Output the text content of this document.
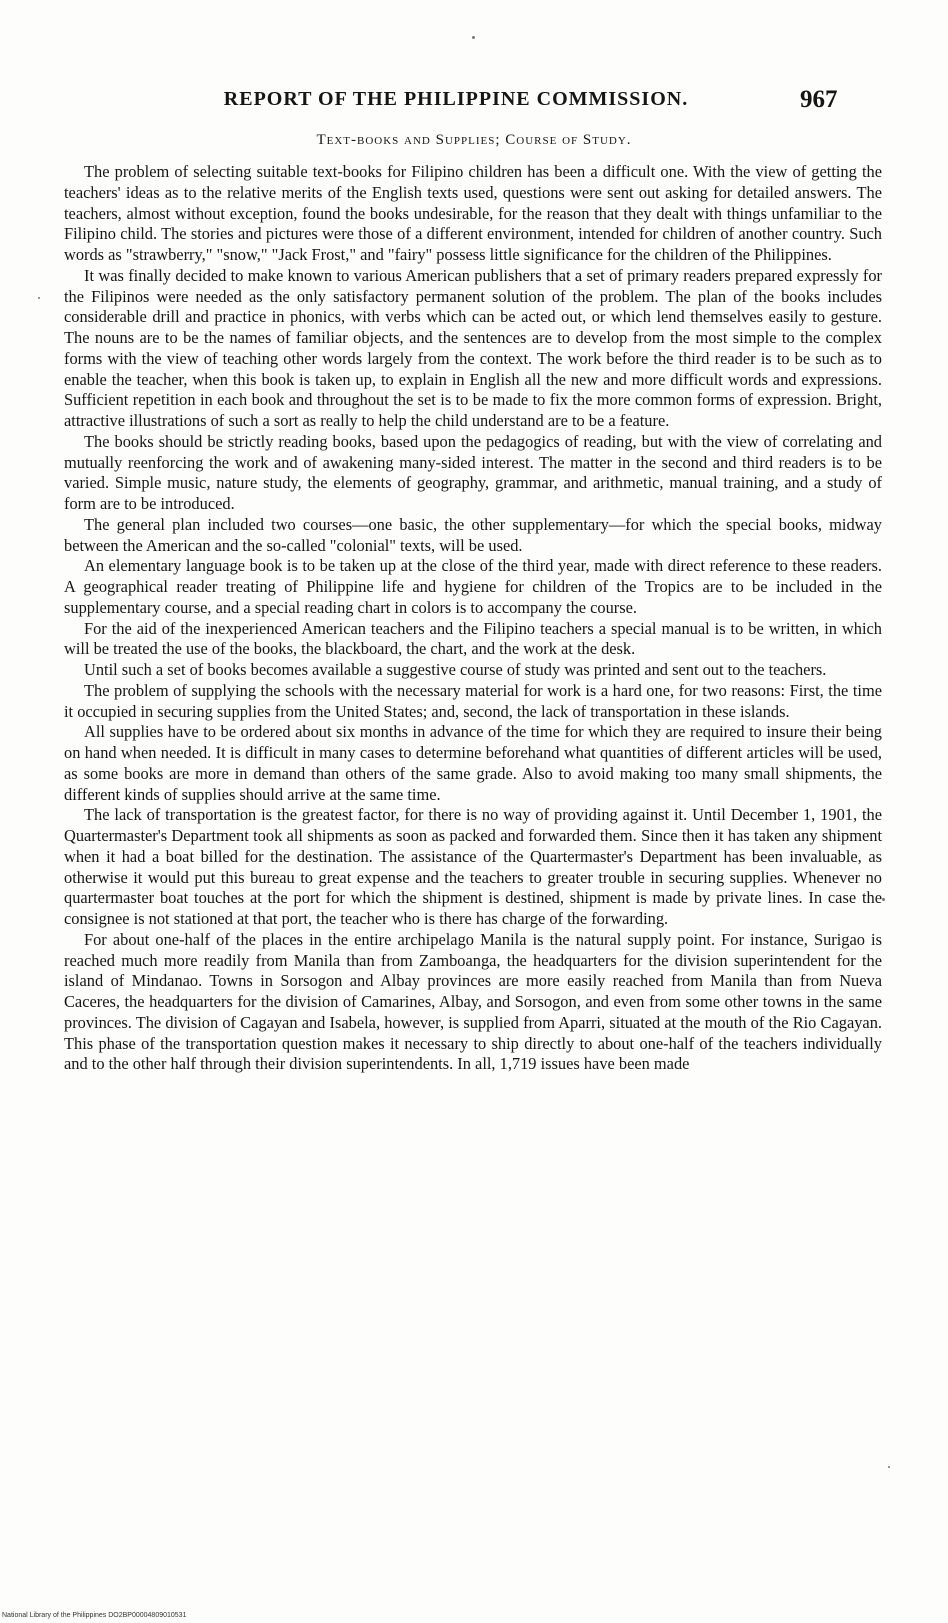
REPORT OF THE PHILIPPINE COMMISSION.	967
Text-books and Supplies; Course of Study.

The problem of selecting suitable text-books for Filipino children has been a difficult one. With the view of getting the teachers' ideas as to the relative merits of the English texts used, questions were sent out asking for detailed answers. The teachers, almost without exception, found the books undesirable, for the reason that they dealt with things unfamiliar to the Filipino child. The stories and pictures were those of a different environment, intended for children of another country. Such words as "strawberry," "snow," "Jack Frost," and "fairy" possess little significance for the children of the Philippines.

It was finally decided to make known to various American publishers that a set of primary readers prepared expressly for the Filipinos were needed as the only satisfactory permanent solution of the problem. The plan of the books includes considerable drill and practice in phonics, with verbs which can be acted out, or which lend themselves easily to gesture. The nouns are to be the names of familiar objects, and the sentences are to develop from the most simple to the complex forms with the view of teaching other words largely from the context. The work before the third reader is to be such as to enable the teacher, when this book is taken up, to explain in English all the new and more difficult words and expressions. Sufficient repetition in each book and throughout the set is to be made to fix the more common forms of expression. Bright, attractive illustrations of such a sort as really to help the child understand are to be a feature.

The books should be strictly reading books, based upon the pedagogics of reading, but with the view of correlating and mutually reenforcing the work and of awakening many-sided interest. The matter in the second and third readers is to be varied. Simple music, nature study, the elements of geography, grammar, and arithmetic, manual training, and a study of form are to be introduced.

The general plan included two courses—one basic, the other supplementary—for which the special books, midway between the American and the so-called "colonial" texts, will be used.

An elementary language book is to be taken up at the close of the third year, made with direct reference to these readers. A geographical reader treating of Philippine life and hygiene for children of the Tropics are to be included in the supplementary course, and a special reading chart in colors is to accompany the course.

For the aid of the inexperienced American teachers and the Filipino teachers a special manual is to be written, in which will be treated the use of the books, the blackboard, the chart, and the work at the desk.

Until such a set of books becomes available a suggestive course of study was printed and sent out to the teachers.

The problem of supplying the schools with the necessary material for work is a hard one, for two reasons: First, the time it occupied in securing supplies from the United States; and, second, the lack of transportation in these islands.

All supplies have to be ordered about six months in advance of the time for which they are required to insure their being on hand when needed. It is difficult in many cases to determine beforehand what quantities of different articles will be used, as some books are more in demand than others of the same grade. Also to avoid making too many small shipments, the different kinds of supplies should arrive at the same time.

The lack of transportation is the greatest factor, for there is no way of providing against it. Until December 1, 1901, the Quartermaster's Department took all shipments as soon as packed and forwarded them. Since then it has taken any shipment when it had a boat billed for the destination. The assistance of the Quartermaster's Department has been invaluable, as otherwise it would put this bureau to great expense and the teachers to greater trouble in securing supplies. Whenever no quartermaster boat touches at the port for which the shipment is destined, shipment is made by private lines. In case the consignee is not stationed at that port, the teacher who is there has charge of the forwarding.

For about one-half of the places in the entire archipelago Manila is the natural supply point. For instance, Surigao is reached much more readily from Manila than from Zamboanga, the headquarters for the division superintendent for the island of Mindanao. Towns in Sorsogon and Albay provinces are more easily reached from Manila than from Nueva Caceres, the headquarters for the division of Camarines, Albay, and Sorsogon, and even from some other towns in the same provinces. The division of Cagayan and Isabela, however, is supplied from Aparri, situated at the mouth of the Rio Cagayan. This phase of the transportation question makes it necessary to ship directly to about one-half of the teachers individually and to the other half through their division superintendents. In all, 1,719 issues have been made

National Library of the Philippines DO2BP00004809010531
